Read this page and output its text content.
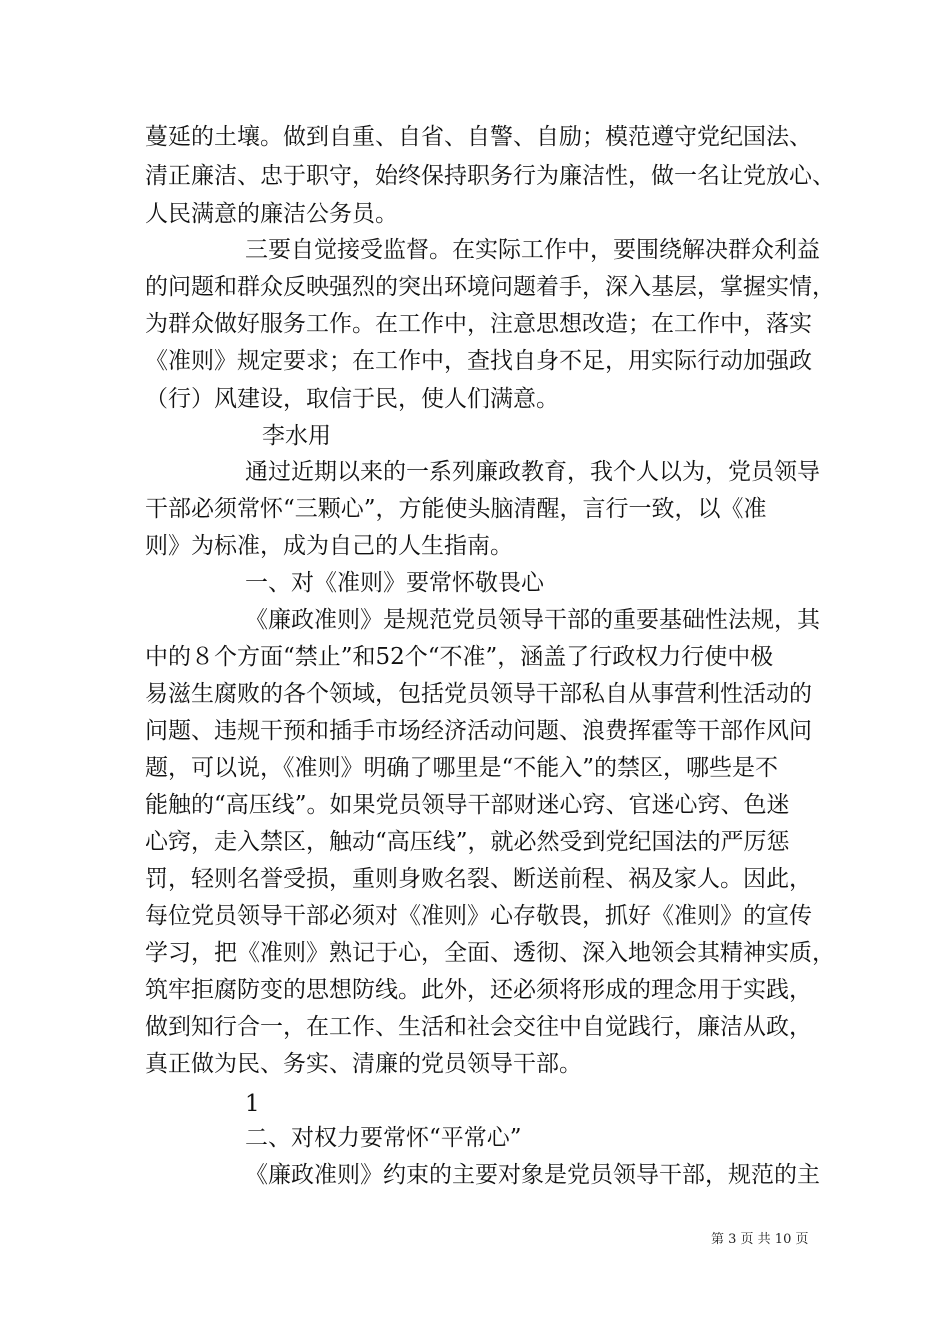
蔓延的土壤。做到自重、自省、自警、自励；模范遵守党纪国法、

清正廉洁、忠于职守，始终保持职务行为廉洁性，做一名让党放心、

人民满意的廉洁公务员。

三要自觉接受监督。在实际工作中，要围绕解决群众利益

的问题和群众反映强烈的突出环境问题着手，深入基层，掌握实情，

为群众做好服务工作。在工作中，注意思想改造；在工作中，落实

《准则》规定要求；在工作中，查找自身不足，用实际行动加强政

（行）风建设，取信于民，使人们满意。

李水用

通过近期以来的一系列廉政教育，我个人以为，党员领导

干部必须常怀“三颗心”，方能使头脑清醒，言行一致，以《准

则》为标准，成为自己的人生指南。

一、对《准则》要常怀敬畏心

《廉政准则》是规范党员领导干部的重要基础性法规，其

中的８个方面“禁止”和52个“不准”，涵盖了行政权力行使中极

易滋生腐败的各个领域，包括党员领导干部私自从事营利性活动的

问题、违规干预和插手市场经济活动问题、浪费挥霍等干部作风问

题，可以说，《准则》明确了哪里是“不能入”的禁区，哪些是不

能触的“高压线”。如果党员领导干部财迷心窍、官迷心窍、色迷

心窍，走入禁区，触动“高压线”，就必然受到党纪国法的严厉惩

罚，轻则名誉受损，重则身败名裂、断送前程、祸及家人。因此，

每位党员领导干部必须对《准则》心存敬畏，抓好《准则》的宣传

学习，把《准则》熟记于心，全面、透彻、深入地领会其精神实质，

筑牢拒腐防变的思想防线。此外，还必须将形成的理念用于实践，

做到知行合一，在工作、生活和社会交往中自觉践行，廉洁从政，

真正做为民、务实、清廉的党员领导干部。

1

二、对权力要常怀“平常心”

《廉政准则》约束的主要对象是党员领导干部，规范的主

第 3 页 共 10 页
